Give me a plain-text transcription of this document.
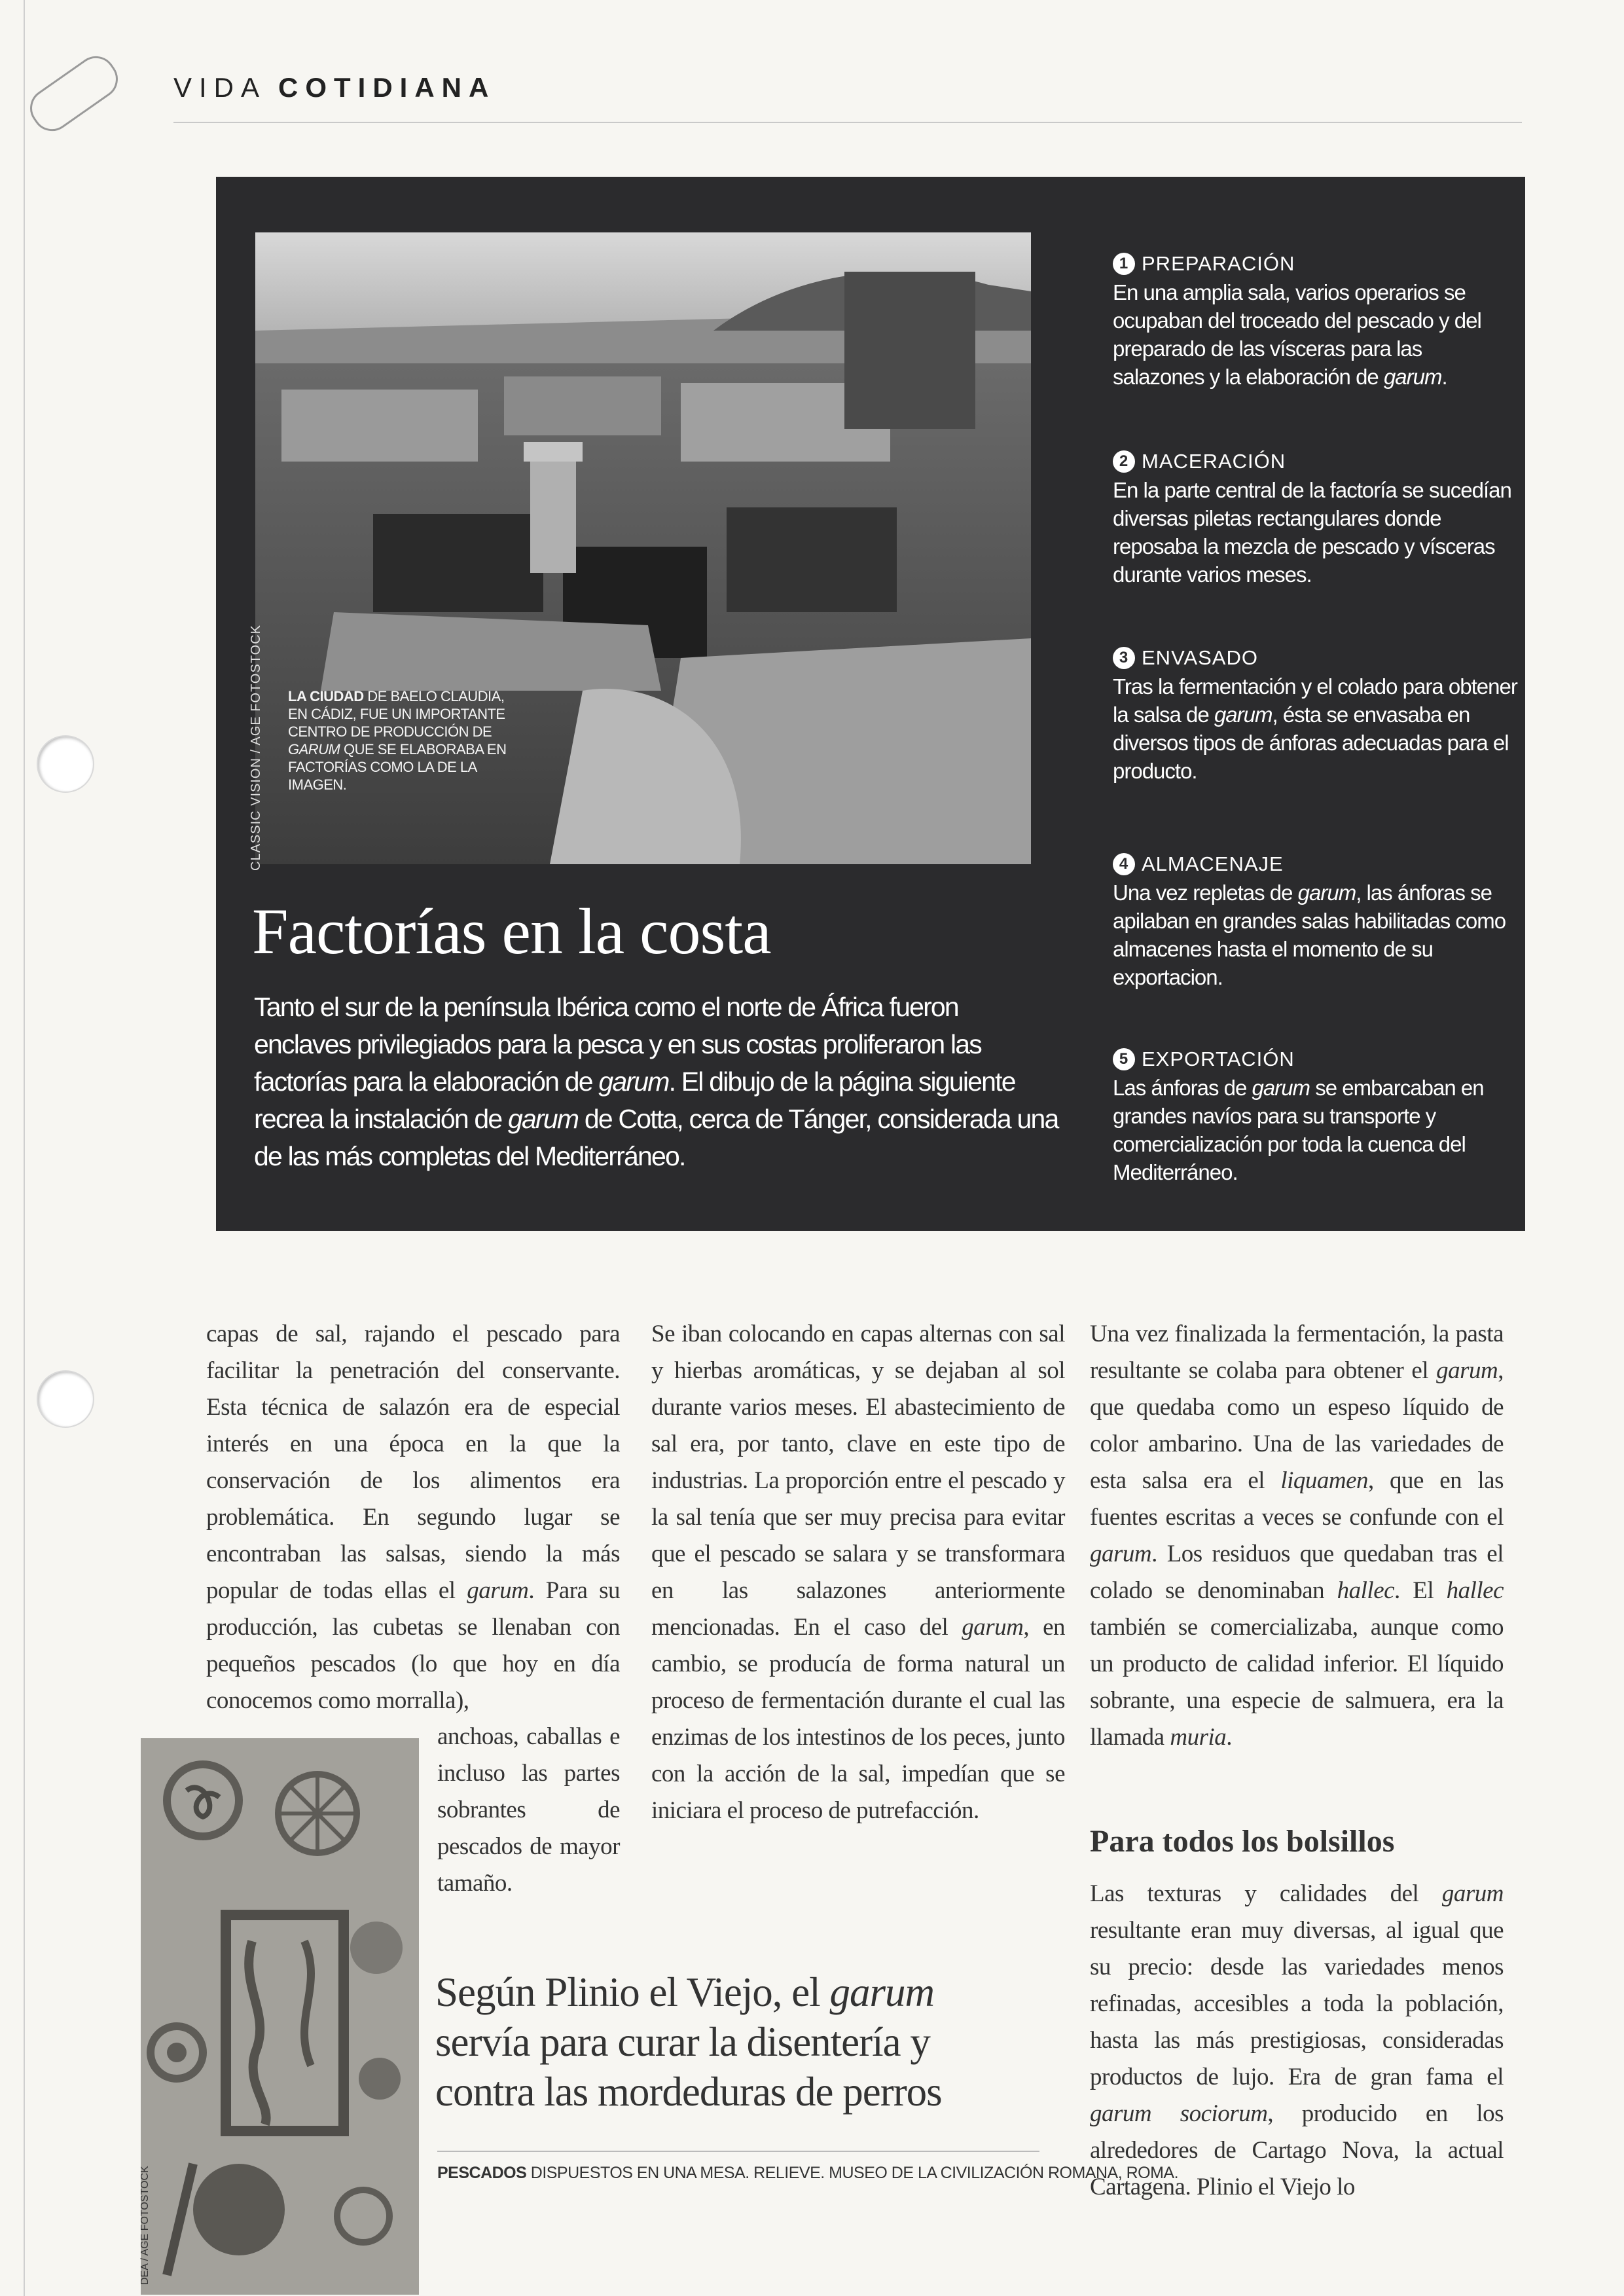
VIDA COTIDIANA
LA CIUDAD DE BAELO CLAUDIA, EN CÁDIZ, FUE UN IMPORTANTE CENTRO DE PRODUCCIÓN DE GARUM QUE SE ELABORABA EN FACTORÍAS COMO LA DE LA IMAGEN.
CLASSIC VISION / AGE FOTOSTOCK
Factorías en la costa
Tanto el sur de la península Ibérica como el norte de África fueron enclaves privilegiados para la pesca y en sus costas proliferaron las factorías para la elaboración de garum. El dibujo de la página siguiente recrea la instalación de garum de Cotta, cerca de Tánger, considerada una de las más completas del Mediterráneo.
1 PREPARACIÓN
En una amplia sala, varios operarios se ocupaban del troceado del pescado y del preparado de las vísceras para las salazones y la elaboración de garum.
2 MACERACIÓN
En la parte central de la factoría se sucedían diversas piletas rectangulares donde reposaba la mezcla de pescado y vísceras durante varios meses.
3 ENVASADO
Tras la fermentación y el colado para obtener la salsa de garum, ésta se envasaba en diversos tipos de ánforas adecuadas para el producto.
4 ALMACENAJE
Una vez repletas de garum, las ánforas se apilaban en grandes salas habilitadas como almacenes hasta el momento de su exportacion.
5 EXPORTACIÓN
Las ánforas de garum se embarcaban en grandes navíos para su transporte y comercialización por toda la cuenca del Mediterráneo.
capas de sal, rajando el pescado para facilitar la penetración del conservante. Esta técnica de salazón era de especial interés en una época en la que la conservación de los alimentos era problemática. En segundo lugar se encontraban las salsas, siendo la más popular de todas ellas el garum. Para su producción, las cubetas se llenaban con pequeños pescados (lo que hoy en día conocemos como morralla),
anchoas, caballas e incluso las partes sobrantes de pescados de mayor tamaño.
Se iban colocando en capas alternas con sal y hierbas aromáticas, y se dejaban al sol durante varios meses. El abastecimiento de sal era, por tanto, clave en este tipo de industrias. La proporción entre el pescado y la sal tenía que ser muy precisa para evitar que el pescado se salara y se transformara en las salazones anteriormente mencionadas. En el caso del garum, en cambio, se producía de forma natural un proceso de fermentación durante el cual las enzimas de los intestinos de los peces, junto con la acción de la sal, impedían que se iniciara el proceso de putrefacción.
Una vez finalizada la fermentación, la pasta resultante se colaba para obtener el garum, que quedaba como un espeso líquido de color ambarino. Una de las variedades de esta salsa era el liquamen, que en las fuentes escritas a veces se confunde con el garum. Los residuos que quedaban tras el colado se denominaban hallec. El hallec también se comercializaba, aunque como un producto de calidad inferior. El líquido sobrante, una especie de salmuera, era la llamada muria.
Para todos los bolsillos
Las texturas y calidades del garum resultante eran muy diversas, al igual que su precio: desde las variedades menos refinadas, accesibles a toda la población, hasta las más prestigiosas, consideradas productos de lujo. Era de gran fama el garum sociorum, producido en los alrededores de Cartago Nova, la actual Cartagena. Plinio el Viejo lo
DEA / AGE FOTOSTOCK
Según Plinio el Viejo, el garum servía para curar la disentería y contra las mordeduras de perros
PESCADOS DISPUESTOS EN UNA MESA. RELIEVE. MUSEO DE LA CIVILIZACIÓN ROMANA, ROMA.
